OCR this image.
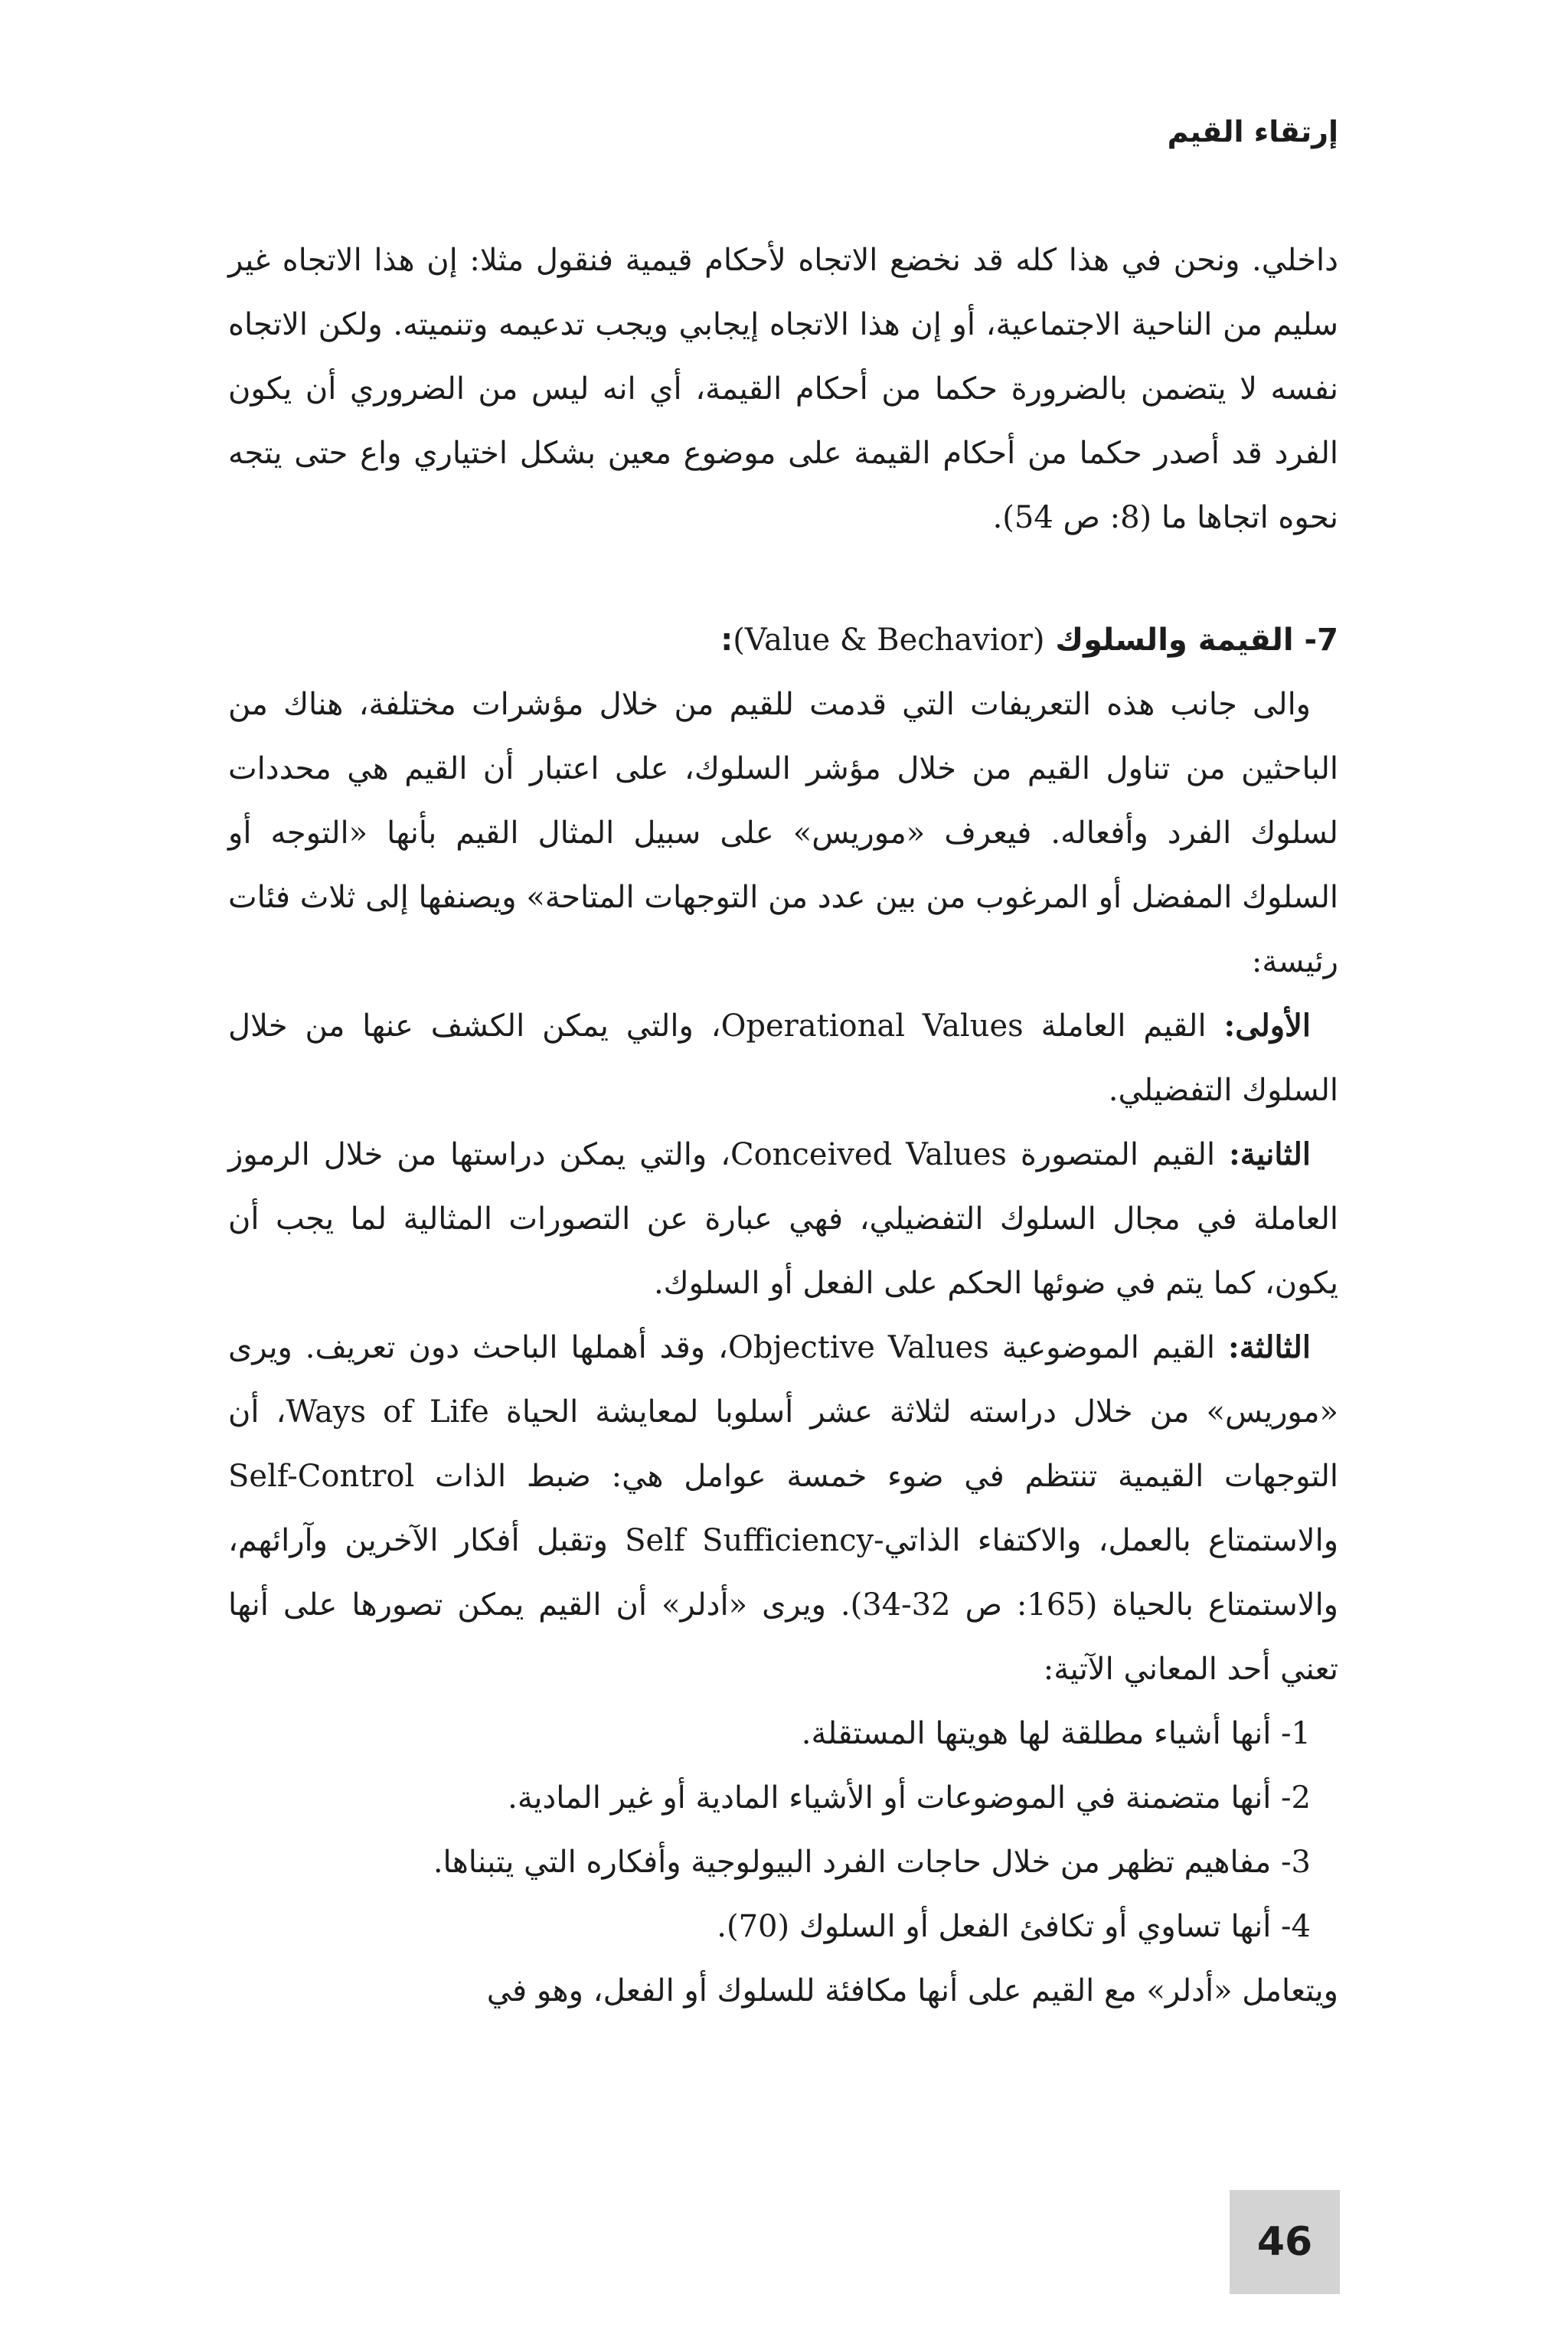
إرتقاء القيم

داخلي. ونحن في هذا كله قد نخضع الاتجاه لأحكام قيمية فنقول مثلا: إن هذا الاتجاه غير سليم من الناحية الاجتماعية، أو إن هذا الاتجاه إيجابي ويجب تدعيمه وتنميته. ولكن الاتجاه نفسه لا يتضمن بالضرورة حكما من أحكام القيمة، أي انه ليس من الضروري أن يكون الفرد قد أصدر حكما من أحكام القيمة على موضوع معين بشكل اختياري واع حتى يتجه نحوه اتجاها ما (8: ص 54).

7- القيمة والسلوك (Value & Bechavior):

والى جانب هذه التعريفات التي قدمت للقيم من خلال مؤشرات مختلفة، هناك من الباحثين من تناول القيم من خلال مؤشر السلوك، على اعتبار أن القيم هي محددات لسلوك الفرد وأفعاله. فيعرف «موريس» على سبيل المثال القيم بأنها «التوجه أو السلوك المفضل أو المرغوب من بين عدد من التوجهات المتاحة» ويصنفها إلى ثلاث فئات رئيسة:

الأولى: القيم العاملة Operational Values، والتي يمكن الكشف عنها من خلال السلوك التفضيلي.

الثانية: القيم المتصورة Conceived Values، والتي يمكن دراستها من خلال الرموز العاملة في مجال السلوك التفضيلي، فهي عبارة عن التصورات المثالية لما يجب أن يكون، كما يتم في ضوئها الحكم على الفعل أو السلوك.

الثالثة: القيم الموضوعية Objective Values، وقد أهملها الباحث دون تعريف. ويرى «موريس» من خلال دراسته لثلاثة عشر أسلوبا لمعايشة الحياة Ways of Life، أن التوجهات القيمية تنتظم في ضوء خمسة عوامل هي: ضبط الذات Self-Control والاستمتاع بالعمل، والاكتفاء الذاتي-Self Sufficiency وتقبل أفكار الآخرين وآرائهم، والاستمتاع بالحياة (165: ص 32-34). ويرى «أدلر» أن القيم يمكن تصورها على أنها تعني أحد المعاني الآتية:

1- أنها أشياء مطلقة لها هويتها المستقلة.

2- أنها متضمنة في الموضوعات أو الأشياء المادية أو غير المادية.

3- مفاهيم تظهر من خلال حاجات الفرد البيولوجية وأفكاره التي يتبناها.

4- أنها تساوي أو تكافئ الفعل أو السلوك (70).

ويتعامل «أدلر» مع القيم على أنها مكافئة للسلوك أو الفعل، وهو في

46
